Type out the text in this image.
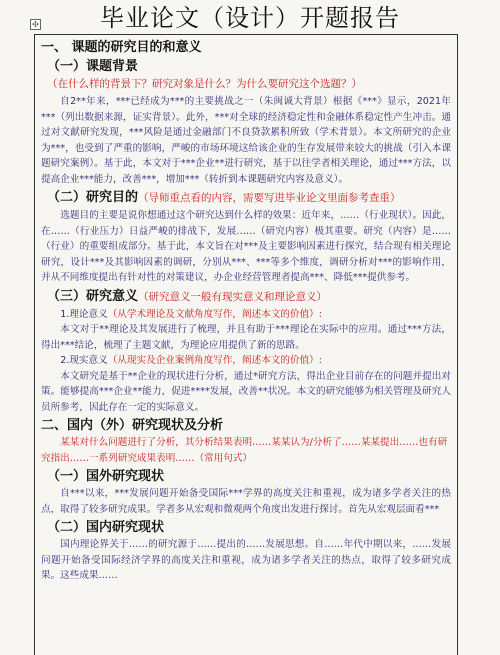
✣	毕业论文（设计）开题报告
一、 课题的研究目的和意义
（一）课题背景（在什么样的背景下？研究对象是什么？为什么要研究这个选题？）

自2**年来，***已经成为***的主要挑战之一（朱闽诚大背景）根据《***》显示，2021年***（列出数据来源，证实背景）。此外，***对全球的经济稳定性和金融体系稳定性产生冲击。通过对文献研究发现，***风险是通过金融部门不良贷款累积所致（学术背景）。本文所研究的企业为***，也受到了严重的影响，严峻的市场环境这给该企业的生存发展带来较大的挑战（引入本课题研究案例）。基于此，本文对于***企业**进行研究，基于以往学者相关理论，通过***方法，以提高企业***能力，改善***，增加***（转折到本课题研究内容及意义）。

（二）研究目的（导师重点看的内容，需要写进毕业论文里面参考查重）

选题目的主要是说你想通过这个研究达到什么样的效果：近年来，……（行业现状）。因此，在……（行业压力）日益严峻的排战下，发展……（研究内容）极其重要。研究（内容）是……（行业）的重要组成部分。基于此，本文旨在对***及主要影响因素进行探究，结合现有相关理论研究，设计***及其影响因素的调研，分别从***、***等多个维度，调研分析对***的影响作用，并从不同维度提出有针对性的对策建议，办企业经营管理者提高***、降低***提供参考。

（三）研究意义（研究意义一般有现实意义和理论意义）
1.理论意义（从学术理论及文献角度写作，阐述本文的价值）:

本文对于**理论及其发展进行了梳理，并且有助于***理论在实际中的应用。通过***方法，得出***结论，梳理了主题文献，为理论应用提供了新的思路。

2.现实意义（从现实及企业案例角度写作，阐述本文的价值）:

本文研究是基于**企业的现状进行分析，通过*研究方法，得出企业目前存在的问题并提出对策。能够提高***企业**能力，促进****发展，改善**状况。本文的研究能够为相关管理及研究人员所参考，因此存在一定的实际意义。

二、国内（外）研究现状及分析

某某对什么问题进行了分析，其分析结果表明……某某认为/分析了……某某提出……也有研究指出……一系列研究成果表明……（常用句式）

（一）国外研究现状

自***以来，***发展问题开始备受国际***学界的高度关注和重视，成为诸多学者关注的热点，取得了较多研究成果。学者多从宏观和微观两个角度出发进行探讨。首先从宏观层面看***

（二）国内研究现状

国内理论界关于……的研究源于……提出的……发展思想。自……年代中期以来，……发展问题开始备受国际经济学界的高度关注和重视，成为诸多学者关注的热点，取得了较多研究成果。这些成果……
